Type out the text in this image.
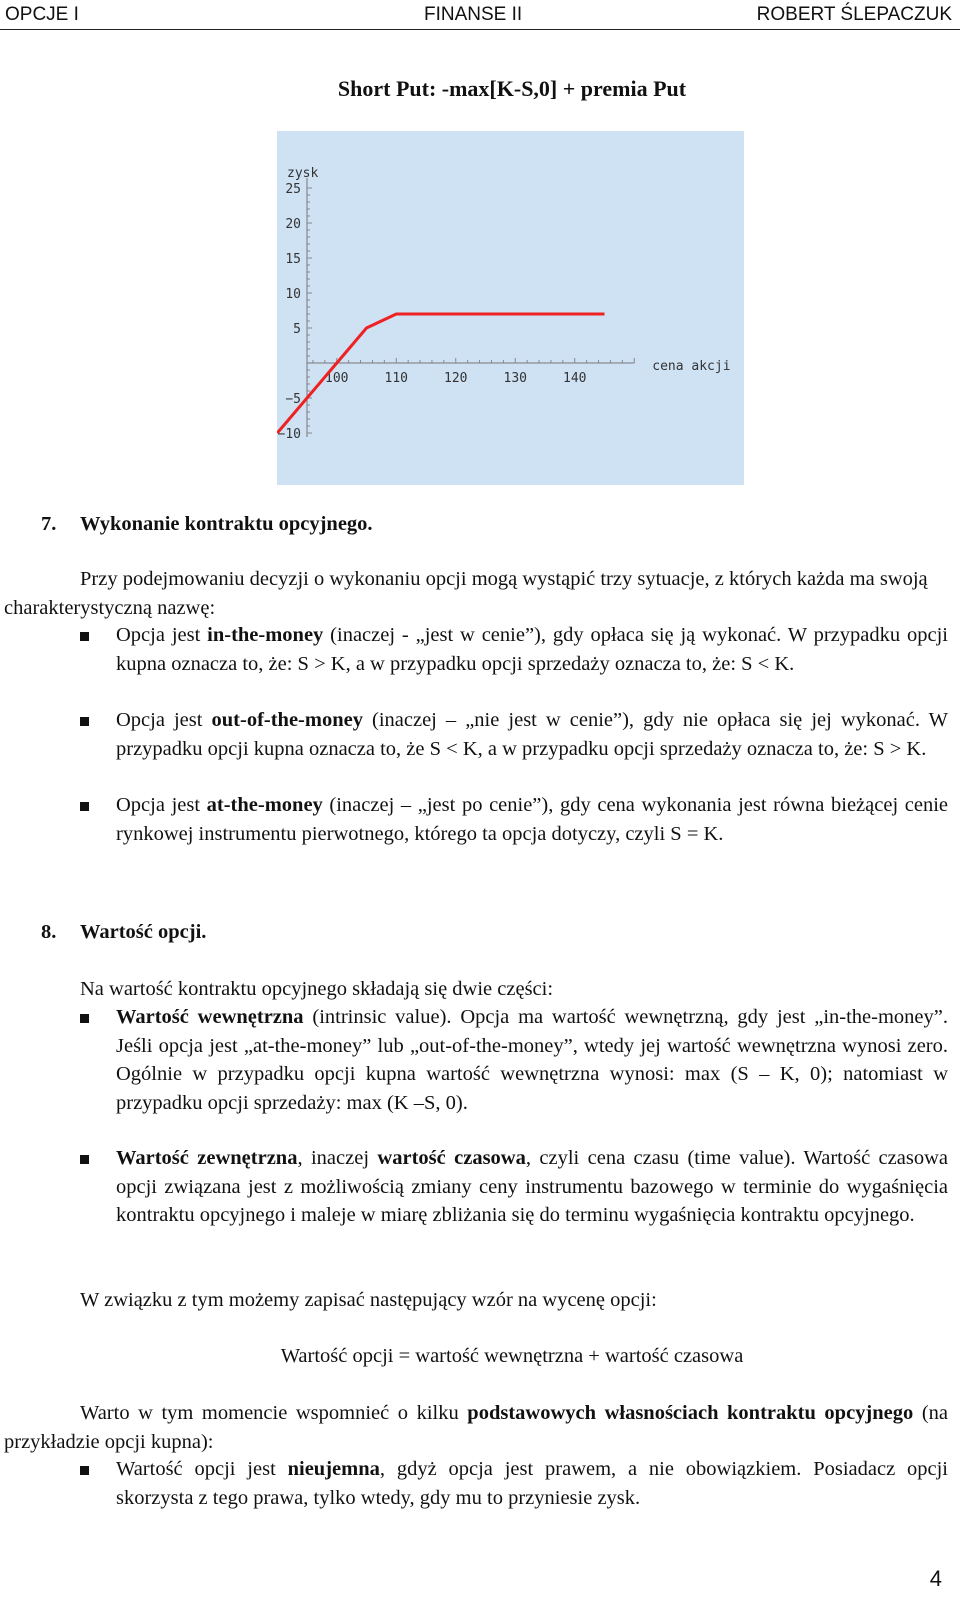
OPCJE I	FINANSE II	ROBERT ŚLEPACZUK
Short Put: -max[K-S,0] + premia Put
−10
−5
5
10
15
20
25
100	110	120	130	140
zysk
cena akcji
7. Wykonanie kontraktu opcyjnego.
Przy podejmowaniu decyzji o wykonaniu opcji mogą wystąpić trzy sytuacje, z których każda ma swoją charakterystyczną nazwę:
Opcja jest in-the-money (inaczej - „jest w cenie”), gdy opłaca się ją wykonać. W przypadku opcji kupna oznacza to, że: S > K, a w przypadku opcji sprzedaży oznacza to, że: S < K.
Opcja jest out-of-the-money (inaczej – „nie jest w cenie”), gdy nie opłaca się jej wykonać. W przypadku opcji kupna oznacza to, że S < K, a w przypadku opcji sprzedaży oznacza to, że: S > K.
Opcja jest at-the-money (inaczej – „jest po cenie”), gdy cena wykonania jest równa bieżącej cenie rynkowej instrumentu pierwotnego, którego ta opcja dotyczy, czyli S = K.
8. Wartość opcji.
Na wartość kontraktu opcyjnego składają się dwie części:
Wartość wewnętrzna (intrinsic value). Opcja ma wartość wewnętrzną, gdy jest „in-the-money”. Jeśli opcja jest „at-the-money” lub „out-of-the-money”, wtedy jej wartość wewnętrzna wynosi zero. Ogólnie w przypadku opcji kupna wartość wewnętrzna wynosi: max (S – K, 0); natomiast w przypadku opcji sprzedaży: max (K –S, 0).
Wartość zewnętrzna, inaczej wartość czasowa, czyli cena czasu (time value). Wartość czasowa opcji związana jest z możliwością zmiany ceny instrumentu bazowego w terminie do wygaśnięcia kontraktu opcyjnego i maleje w miarę zbliżania się do terminu wygaśnięcia kontraktu opcyjnego.
W związku z tym możemy zapisać następujący wzór na wycenę opcji:
Wartość opcji = wartość wewnętrzna + wartość czasowa
Warto w tym momencie wspomnieć o kilku podstawowych własnościach kontraktu opcyjnego (na przykładzie opcji kupna):
Wartość opcji jest nieujemna, gdyż opcja jest prawem, a nie obowiązkiem. Posiadacz opcji skorzysta z tego prawa, tylko wtedy, gdy mu to przyniesie zysk.
4
